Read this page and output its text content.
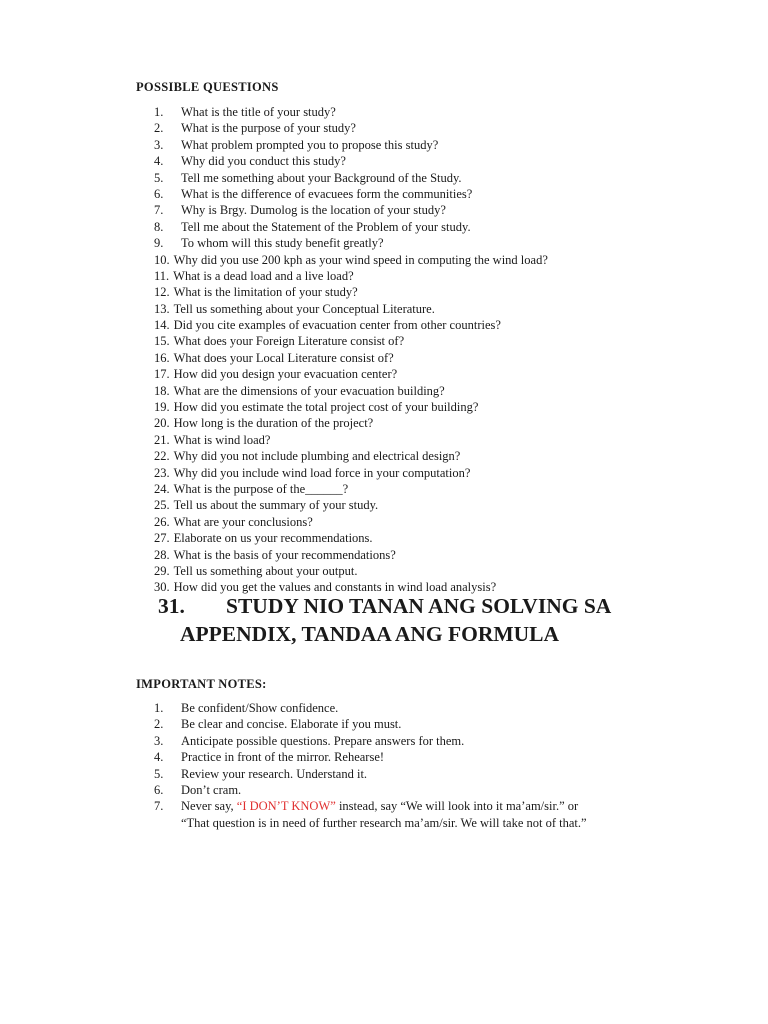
POSSIBLE QUESTIONS
1. What is the title of your study?
2. What is the purpose of your study?
3. What problem prompted you to propose this study?
4. Why did you conduct this study?
5. Tell me something about your Background of the Study.
6. What is the difference of evacuees form the communities?
7. Why is Brgy. Dumolog is the location of your study?
8. Tell me about the Statement of the Problem of your study.
9. To whom will this study benefit greatly?
10. Why did you use 200 kph as your wind speed in computing the wind load?
11. What is a dead load and a live load?
12. What is the limitation of your study?
13. Tell us something about your Conceptual Literature.
14. Did you cite examples of evacuation center from other countries?
15. What does your Foreign Literature consist of?
16. What does your Local Literature consist of?
17. How did you design your evacuation center?
18. What are the dimensions of your evacuation building?
19. How did you estimate the total project cost of your building?
20. How long is the duration of the project?
21. What is wind load?
22. Why did you not include plumbing and electrical design?
23. Why did you include wind load force in your computation?
24. What is the purpose of the______?
25. Tell us about the summary of your study.
26. What are your conclusions?
27. Elaborate on us your recommendations.
28. What is the basis of your recommendations?
29. Tell us something about your output.
30. How did you get the values and constants in wind load analysis?
31. STUDY NIO TANAN ANG SOLVING SA
APPENDIX, TANDAA ANG FORMULA
IMPORTANT NOTES:
1. Be confident/Show confidence.
2. Be clear and concise. Elaborate if you must.
3. Anticipate possible questions. Prepare answers for them.
4. Practice in front of the mirror. Rehearse!
5. Review your research. Understand it.
6. Don’t cram.
7. Never say, “I DON’T KNOW” instead, say “We will look into it ma’am/sir.” or
“That question is in need of further research ma’am/sir. We will take not of that.”
